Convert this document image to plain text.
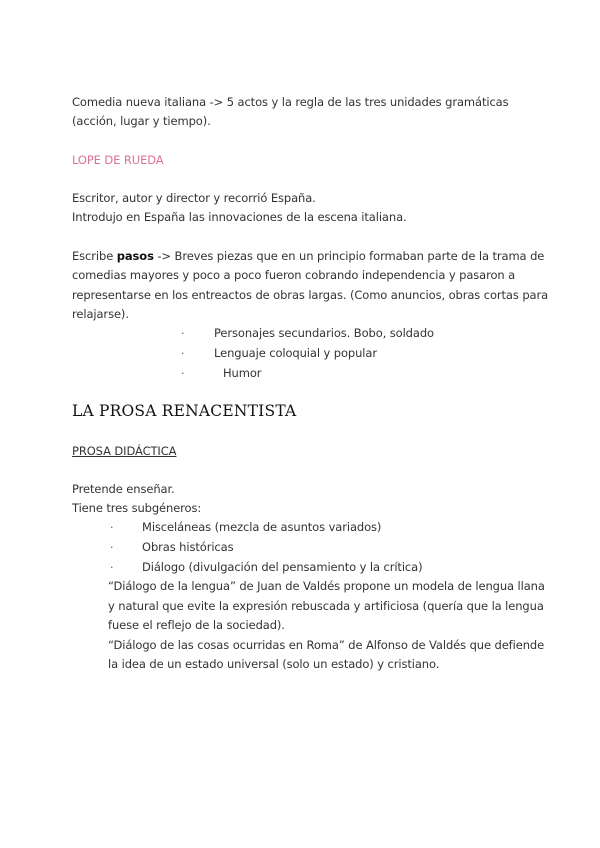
Comedia nueva italiana -> 5 actos y la regla de las tres unidades gramáticas
(acción, lugar y tiempo).
LOPE DE RUEDA
Escritor, autor y director y recorrió España.
Introdujo en España las innovaciones de la escena italiana.
Escribe pasos -> Breves piezas que en un principio formaban parte de la trama de
comedias mayores y poco a poco fueron cobrando independencia y pasaron a
representarse en los entreactos de obras largas. (Como anuncios, obras cortas para
relajarse).
·	Personajes secundarios. Bobo, soldado
·	Lenguaje coloquial y popular
·	Humor
LA PROSA RENACENTISTA
PROSA DIDÁCTICA
Pretende enseñar.
Tiene tres subgéneros:
· Misceláneas (mezcla de asuntos variados)
· Obras históricas
· Diálogo (divulgación del pensamiento y la crítica)
“Diálogo de la lengua” de Juan de Valdés propone un modela de lengua llana
y natural que evite la expresión rebuscada y artificiosa (quería que la lengua
fuese el reflejo de la sociedad).
“Diálogo de las cosas ocurridas en Roma” de Alfonso de Valdés que defiende
la idea de un estado universal (solo un estado) y cristiano.
